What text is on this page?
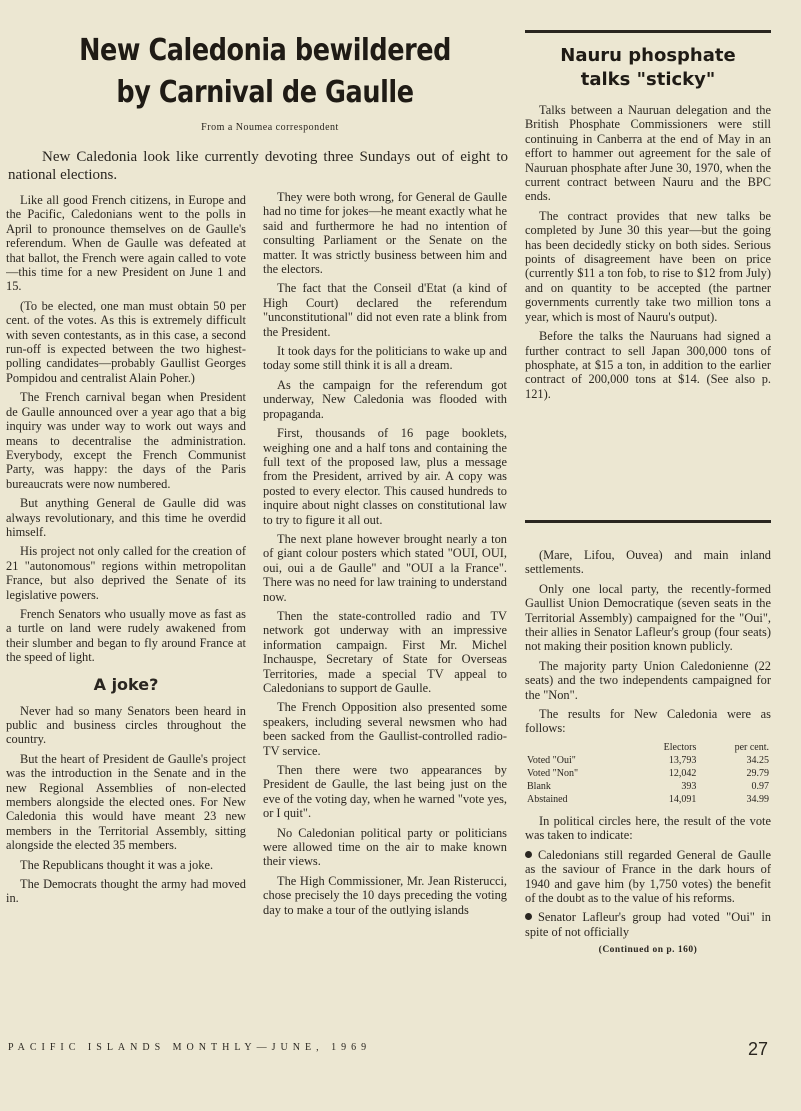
New Caledonia bewildered
by Carnival de Gaulle
From a Noumea correspondent
New Caledonia look like currently devoting three Sundays out of eight to national elections.

Like all good French citizens, in Europe and the Pacific, Caledonians went to the polls in April to pronounce themselves on de Gaulle's referendum. When de Gaulle was defeated at that ballot, the French were again called to vote—this time for a new President on June 1 and 15.

(To be elected, one man must obtain 50 per cent. of the votes. As this is extremely difficult with seven contestants, as in this case, a second run-off is expected between the two highest-polling candidates—probably Gaullist Georges Pompidou and centralist Alain Poher.)

The French carnival began when President de Gaulle announced over a year ago that a big inquiry was under way to work out ways and means to decentralise the administration. Everybody, except the French Communist Party, was happy: the days of the Paris bureaucrats were now numbered.

But anything General de Gaulle did was always revolutionary, and this time he overdid himself.

His project not only called for the creation of 21 "autonomous" regions within metropolitan France, but also deprived the Senate of its legislative powers.

French Senators who usually move as fast as a turtle on land were rudely awakened from their slumber and began to fly around France at the speed of light.

A joke?

Never had so many Senators been heard in public and business circles throughout the country.

But the heart of President de Gaulle's project was the introduction in the Senate and in the new Regional Assemblies of non-elected members alongside the elected ones. For New Caledonia this would have meant 23 new members in the Territorial Assembly, sitting alongside the elected 35 members.

The Republicans thought it was a joke.

The Democrats thought the army had moved in.

They were both wrong, for General de Gaulle had no time for jokes—he meant exactly what he said and furthermore he had no intention of consulting Parliament or the Senate on the matter. It was strictly business between him and the electors.

The fact that the Conseil d'Etat (a kind of High Court) declared the referendum "unconstitutional" did not even rate a blink from the President.

It took days for the politicians to wake up and today some still think it is all a dream.

As the campaign for the referendum got underway, New Caledonia was flooded with propaganda.

First, thousands of 16 page booklets, weighing one and a half tons and containing the full text of the proposed law, plus a message from the President, arrived by air. A copy was posted to every elector. This caused hundreds to inquire about night classes on constitutional law to try to figure it all out.

The next plane however brought nearly a ton of giant colour posters which stated "OUI, OUI, oui, oui a de Gaulle" and "OUI a la France". There was no need for law training to understand now.

Then the state-controlled radio and TV network got underway with an impressive information campaign. First Mr. Michel Inchauspe, Secretary of State for Overseas Territories, made a special TV appeal to Caledonians to support de Gaulle.

The French Opposition also presented some speakers, including several newsmen who had been sacked from the Gaullist-controlled radio-TV service.

Then there were two appearances by President de Gaulle, the last being just on the eve of the voting day, when he warned "vote yes, or I quit".

No Caledonian political party or politicians were allowed time on the air to make known their views.

The High Commissioner, Mr. Jean Risterucci, chose precisely the 10 days preceding the voting day to make a tour of the outlying islands

Nauru phosphate
talks "sticky"

Talks between a Nauruan delegation and the British Phosphate Commissioners were still continuing in Canberra at the end of May in an effort to hammer out agreement for the sale of Nauruan phosphate after June 30, 1970, when the current contract between Nauru and the BPC ends.

The contract provides that new talks be completed by June 30 this year—but the going has been decidedly sticky on both sides. Serious points of disagreement have been on price (currently $11 a ton fob, to rise to $12 from July) and on quantity to be accepted (the partner governments currently take two million tons a year, which is most of Nauru's output).

Before the talks the Nauruans had signed a further contract to sell Japan 300,000 tons of phosphate, at $15 a ton, in addition to the earlier contract of 200,000 tons at $14. (See also p. 121).

(Mare, Lifou, Ouvea) and main inland settlements.

Only one local party, the recently-formed Gaullist Union Democratique (seven seats in the Territorial Assembly) campaigned for the "Oui", their allies in Senator Lafleur's group (four seats) not making their position known publicly.

The majority party Union Caledonienne (22 seats) and the two independents campaigned for the "Non".

The results for New Caledonia were as follows:

	Electors	per cent.
Voted "Oui"	13,793	34.25
Voted "Non"	12,042	29.79
Blank	393	0.97
Abstained	14,091	34.99

In political circles here, the result of the vote was taken to indicate:

Caledonians still regarded General de Gaulle as the saviour of France in the dark hours of 1940 and gave him (by 1,750 votes) the benefit of the doubt as to the value of his reforms.

Senator Lafleur's group had voted "Oui" in spite of not officially

(Continued on p. 160)
PACIFIC ISLANDS MONTHLY—JUNE, 1969	27
